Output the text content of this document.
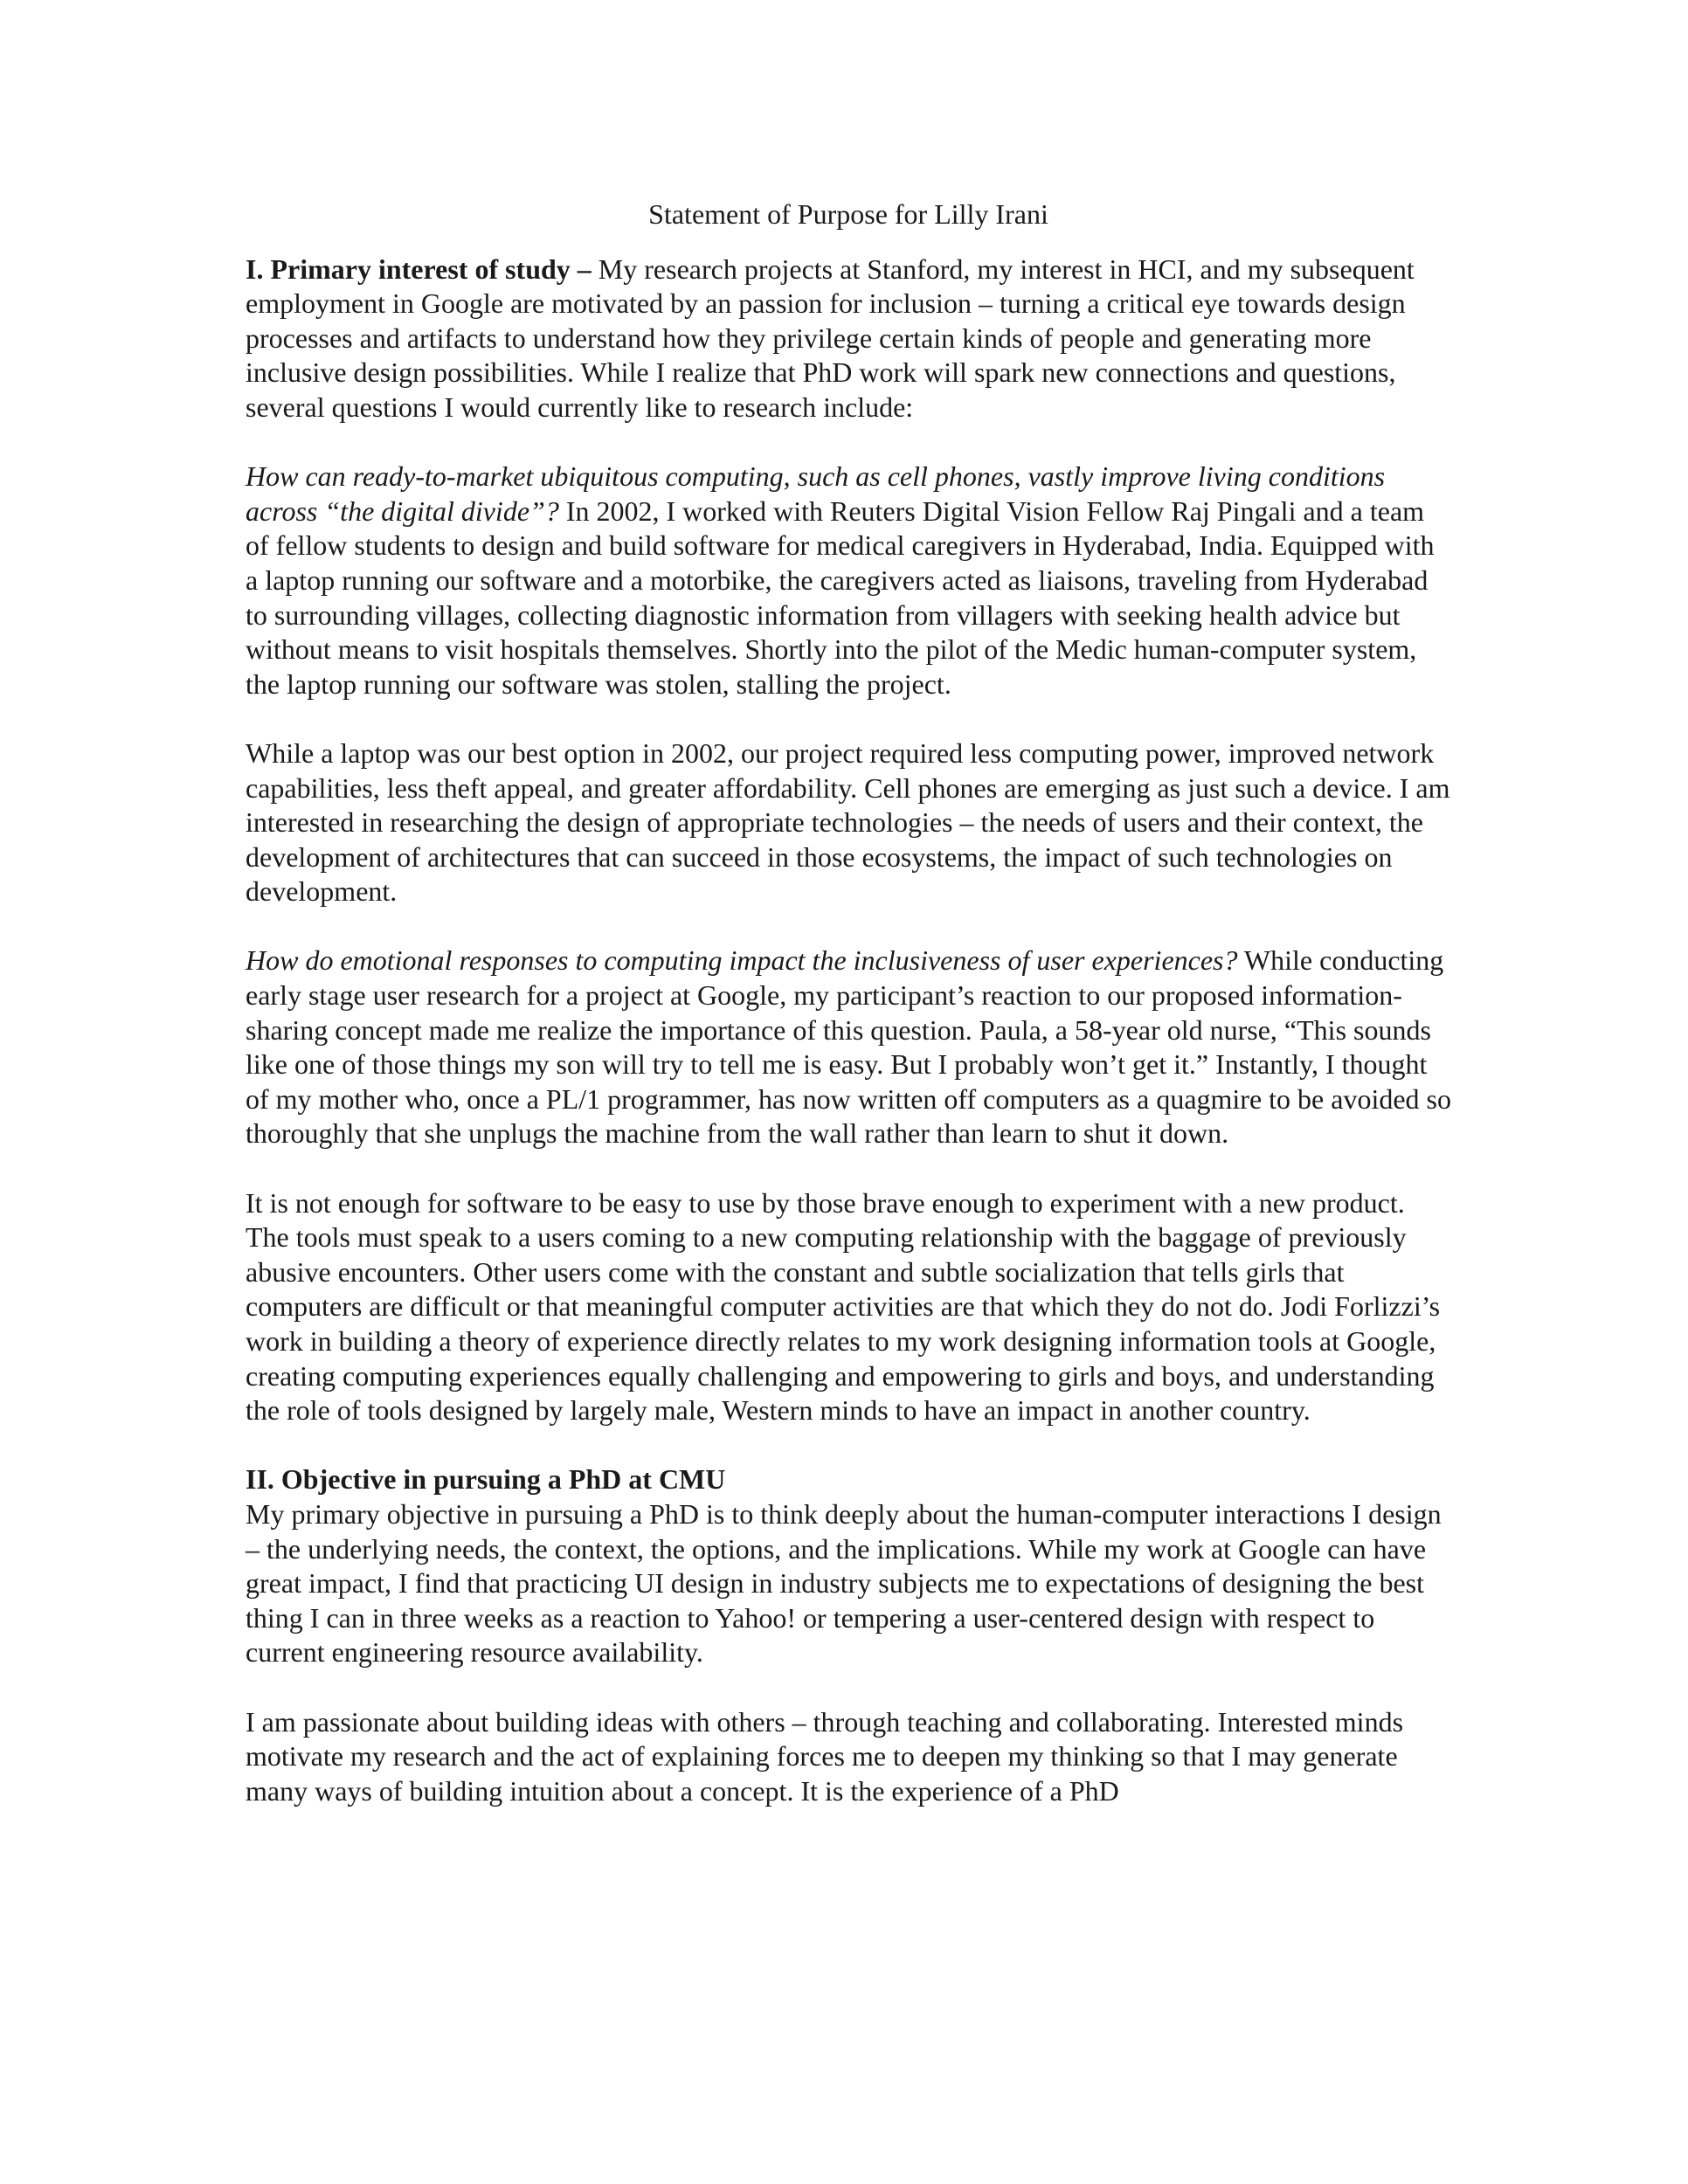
Statement of Purpose for Lilly Irani

I. Primary interest of study – My research projects at Stanford, my interest in HCI, and my subsequent employment in Google are motivated by an passion for inclusion – turning a critical eye towards design processes and artifacts to understand how they privilege certain kinds of people and generating more inclusive design possibilities. While I realize that PhD work will spark new connections and questions, several questions I would currently like to research include:

How can ready-to-market ubiquitous computing, such as cell phones, vastly improve living conditions across “the digital divide”? In 2002, I worked with Reuters Digital Vision Fellow Raj Pingali and a team of fellow students to design and build software for medical caregivers in Hyderabad, India. Equipped with a laptop running our software and a motorbike, the caregivers acted as liaisons, traveling from Hyderabad to surrounding villages, collecting diagnostic information from villagers with seeking health advice but without means to visit hospitals themselves. Shortly into the pilot of the Medic human-computer system, the laptop running our software was stolen, stalling the project.

While a laptop was our best option in 2002, our project required less computing power, improved network capabilities, less theft appeal, and greater affordability. Cell phones are emerging as just such a device. I am interested in researching the design of appropriate technologies – the needs of users and their context, the development of architectures that can succeed in those ecosystems, the impact of such technologies on development.

How do emotional responses to computing impact the inclusiveness of user experiences? While conducting early stage user research for a project at Google, my participant’s reaction to our proposed information-sharing concept made me realize the importance of this question. Paula, a 58-year old nurse, “This sounds like one of those things my son will try to tell me is easy. But I probably won’t get it.” Instantly, I thought of my mother who, once a PL/1 programmer, has now written off computers as a quagmire to be avoided so thoroughly that she unplugs the machine from the wall rather than learn to shut it down.

It is not enough for software to be easy to use by those brave enough to experiment with a new product. The tools must speak to a users coming to a new computing relationship with the baggage of previously abusive encounters. Other users come with the constant and subtle socialization that tells girls that computers are difficult or that meaningful computer activities are that which they do not do. Jodi Forlizzi’s work in building a theory of experience directly relates to my work designing information tools at Google, creating computing experiences equally challenging and empowering to girls and boys, and understanding the role of tools designed by largely male, Western minds to have an impact in another country.

II. Objective in pursuing a PhD at CMU
My primary objective in pursuing a PhD is to think deeply about the human-computer interactions I design – the underlying needs, the context, the options, and the implications. While my work at Google can have great impact, I find that practicing UI design in industry subjects me to expectations of designing the best thing I can in three weeks as a reaction to Yahoo! or tempering a user-centered design with respect to current engineering resource availability.

I am passionate about building ideas with others – through teaching and collaborating. Interested minds motivate my research and the act of explaining forces me to deepen my thinking so that I may generate many ways of building intuition about a concept. It is the experience of a PhD
